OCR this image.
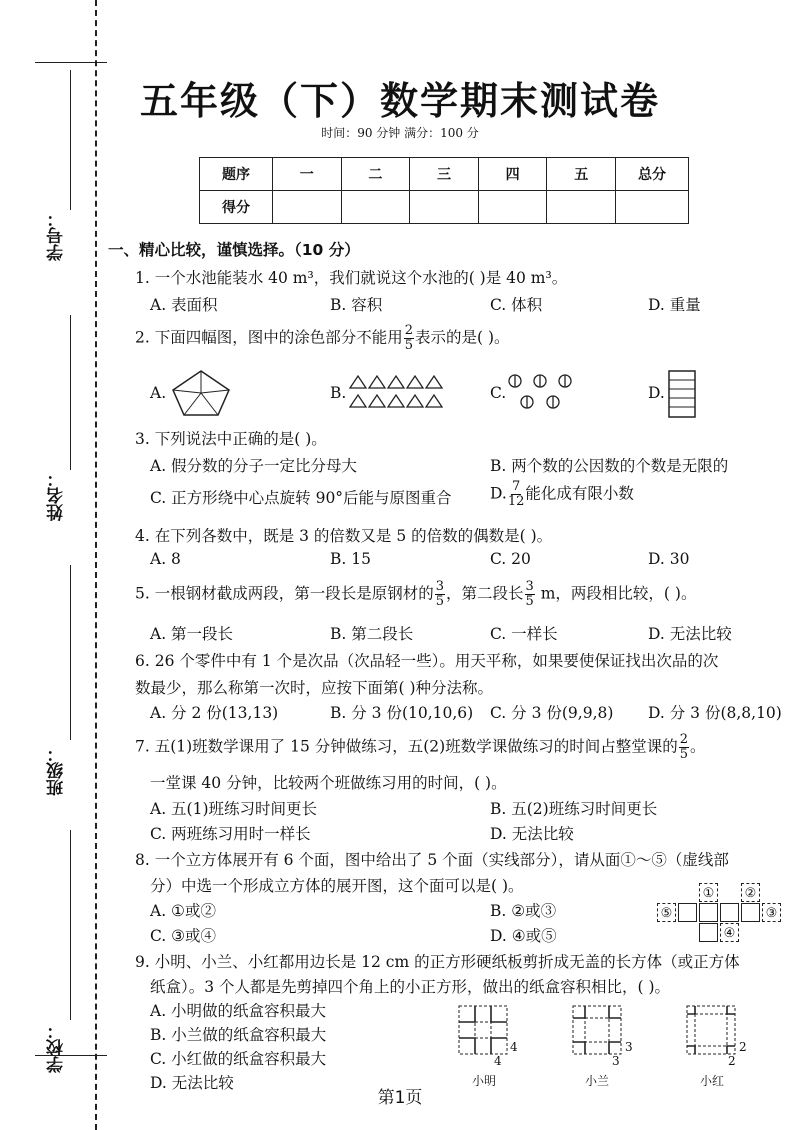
学号：
姓名：
班级：
学校：
五年级（下）数学期末测试卷
时间：90 分钟 满分：100 分
题序	一	二	三	四	五	总分
得分						
一、精心比较，谨慎选择。（10 分）
1. 一个水池能装水 40 m³，我们就说这个水池的( )是 40 m³。
A. 表面积	B. 容积	C. 体积	D. 重量
2. 下面四幅图，图中的涂色部分不能用 $\frac{2}{5}$ 表示的是( )。
A.	B.	C.	D.
3. 下列说法中正确的是( )。
A. 假分数的分子一定比分母大	B. 两个数的公因数的个数是无限的
C. 正方形绕中心点旋转 90°后能与原图重合 D. $\frac{7}{12}$ 能化成有限小数
4. 在下列各数中，既是 3 的倍数又是 5 的倍数的偶数是( )。
A. 8	B. 15	C. 20	D. 30
5. 一根钢材截成两段，第一段长是原钢材的 $\frac{3}{5}$ ，第二段长 $\frac{3}{5}$ m，两段相比较，( )。
A. 第一段长	B. 第二段长	C. 一样长	D. 无法比较
6. 26 个零件中有 1 个是次品（次品轻一些）。用天平称，如果要使保证找出次品的次
数最少，那么称第一次时，应按下面第( )种分法称。
A. 分 2 份(13,13)	B. 分 3 份(10,10,6) C. 分 3 份(9,9,8) D. 分 3 份(8,8,10)
7. 五(1)班数学课用了 15 分钟做练习，五(2)班数学课做练习的时间占整堂课的 $\frac{2}{5}$ 。
一堂课 40 分钟，比较两个班做练习用的时间，( )。
A. 五(1)班练习时间更长	B. 五(2)班练习时间更长
C. 两班练习用时一样长	D. 无法比较
8. 一个立方体展开有 6 个面，图中给出了 5 个面（实线部分），请从面①～⑤（虚线部
分）中选一个形成立方体的展开图，这个面可以是( )。
A. ①或②	B. ②或③
C. ③或④	D. ④或⑤
① ②
⑤	③
④
9. 小明、小兰、小红都用边长是 12 cm 的正方形硬纸板剪折成无盖的长方体（或正方体
纸盒）。3 个人都是先剪掉四个角上的小正方形，做出的纸盒容积相比，( )。
A. 小明做的纸盒容积最大
B. 小兰做的纸盒容积最大
C. 小红做的纸盒容积最大
D. 无法比较
4
4
小明
3
3
小兰
2
2
小红
第1页
